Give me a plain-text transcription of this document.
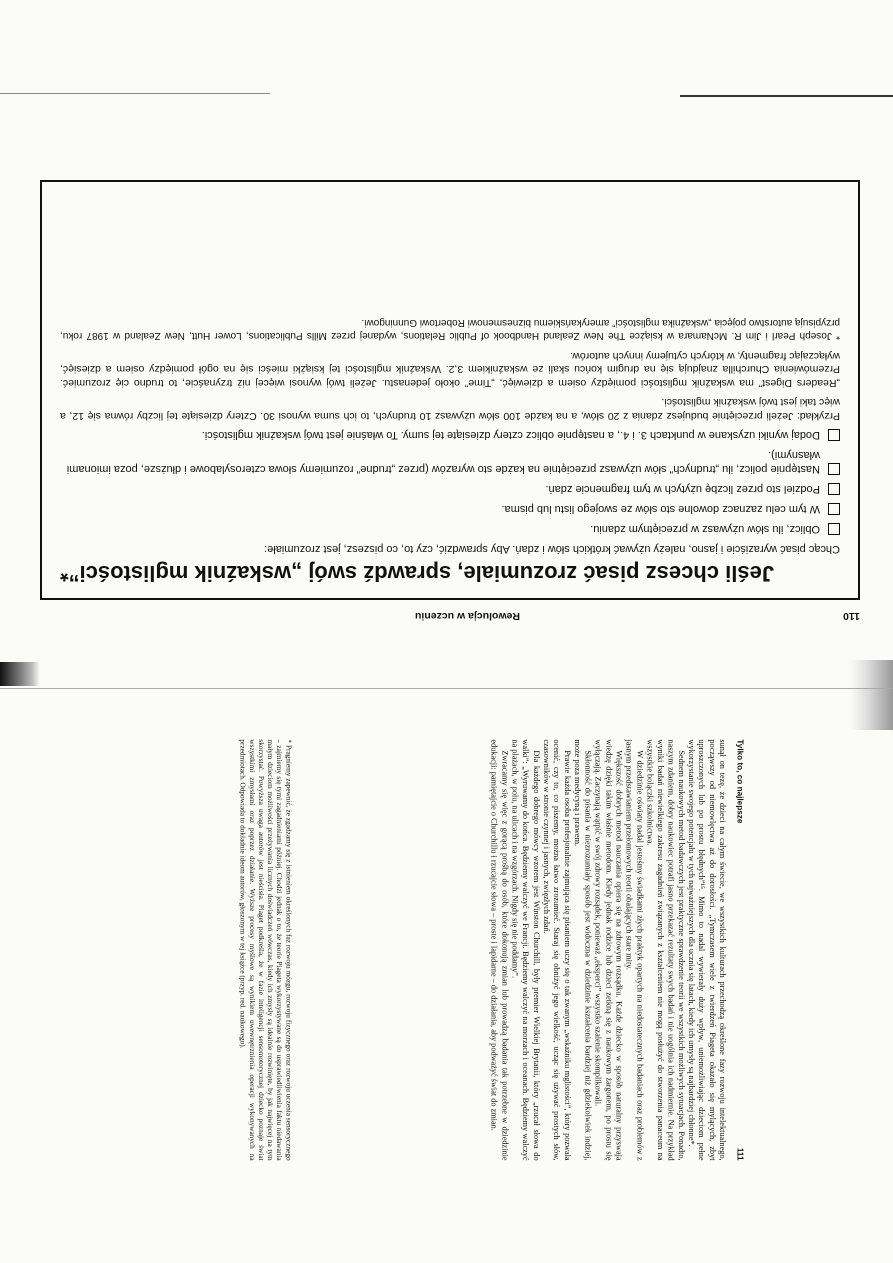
110
Rewolucja w uczeniu
Jeśli chcesz pisać zrozumiale, sprawdź swój „wskaźnik mglistości”*

Chcąc pisać wyraziście i jasno, należy używać krótkich słów i zdań. Aby sprawdzić, czy to, co piszesz, jest zrozumiałe:

Oblicz, ilu słów używasz w przeciętnym zdaniu.
W tym celu zaznacz dowolne sto słów ze swojego listu lub pisma.
Podziel sto przez liczbę użytych w tym fragmencie zdań.
Następnie policz, ilu „trudnych” słów używasz przeciętnie na każde sto wyrazów (przez „trudne” rozumiemy słowa czterosylabowe i dłuższe, poza imionami własnymi).
Dodaj wyniki uzyskane w punktach 3. i 4., a następnie oblicz cztery dziesiąte tej sumy. To właśnie jest twój wskaźnik mglistości.

Przykład: Jeżeli przeciętnie budujesz zdania z 20 słów, a na każde 100 słów używasz 10 trudnych, to ich suma wynosi 30. Cztery dziesiąte tej liczby równa się 12, a więc taki jest twój wskaźnik mglistości.

„Readers Digest” ma wskaźnik mglistości pomiędzy osiem a dziewięć, „Time” około jedenastu. Jeżeli twój wynosi więcej niż trzynaście, to trudno cię zrozumieć. Przemówienia Churchilla znajdują się na drugim końcu skali ze wskaźnikiem 3,2. Wskaźnik mglistości tej książki mieści się na ogół pomiędzy osiem a dziesięć, wyłączając fragmenty, w których cytujemy innych autorów.

* Joseph Pearl i Jim R. McNamara w książce The New Zealand Handbook of Public Relations, wydanej przez Mills Publications, Lower Hutt, New Zealand w 1987 roku, przypisują autorstwo pojęcia „wskaźnika mglistości” amerykańskiemu biznesmenowi Robertowi Gunningowi.

Tylko to, co najlepsze
111

sunął on tezę, że dzieci na całym świecie, we wszystkich kulturach przechodzą określone fazy rozwoju intelektualnego, począwszy od niemowlęctwa aż do dorosłości. „Tymczasem wiele z twierdzeń Piageta okazało się mylących, zbyt uproszczonych lub po prostu błędnych”¹⁵. Mimo to nadal wywierały duży wpływ, uniemożliwiając dzieciom pełne wykorzystanie swojego potencjału w tych najważniejszych dla ucznia się latach, kiedy ich umysły są najbardziej chłonne*.

Sednem naukowych metod badawczych jest praktyczne sprawdzenie teorii we wszystkich możliwych sytuacjach. Ponadto, naszym zdaniem, dobry naukowiec potrafi jasno przekazać rezultaty swych badań i nie uogólnia ich nadmiernie. Na przykład wyniki badań niewielkiego zakresu zagadnień związanych z kształceniem nie mogą posłużyć do stworzenia panaceum na wszystkie bolączki szkolnictwa.

W dziedzinie oświaty nadal jesteśmy świadkami złych praktyk opartych na niedostatecznych badaniach oraz problemów z jasnym przedstawianiem przełomowych teorii obalających stare mity.

Większość dobrych metod nauczania opiera się na zdrowym rozsądku. Każde dziecko w sposób naturalny przyswaja wiedzę dzięki takim właśnie metodom. Kiedy jednak rodzice lub dzieci zetkną się z naukowym żargonem, po prostu się wyłączają. Zaczynają wątpić w swój zdrowy rozsądek, ponieważ „eksperci” wszystko szalenie skomplikowali.

Skłonność do pisania w niezrozumiały sposób jest widoczna w dziedzinie kształcenia bardziej niż gdziekolwiek indziej, może poza medycyną i prawem.

Prawie każda osoba profesjonalnie zajmująca się pisaniem uczy się o tak zwanym „wskaźniku mglistości”, który pozwala ocenić, czy to, co piszemy, można łatwo zrozumieć. Staraj się obniżyć jego wielkość, ucząc się używać prostych słów, czasowników w stronie czynnej i jasnych, zwięzłych zdań.

Dla każdego dobrego mówcy wzorem jest Winston Churchill, były premier Wielkiej Brytanii, który „rzucał słowa do walki”: „Wyruwamy do końca. Będziemy walczyć we Francji. Będziemy walczyć na morzach i oceanach. Będziemy walczyć na plażach, w polu, na ulicach i na wzgórzach. Nigdy się nie poddamy”.

Zwracamy się więc z gorącą prośbą do osób, które dokonują zmian lub prowadzą badania tak potrzebne w dziedzinie edukacji: pamiętajcie o Churchillu i rzucajcie słowa – proste i lapidarne – do działania, aby podważyć świat do zmian.

* Pragniemy zapewnić, że zgadzamy się z istnieniem określonych faz rozwoju mózgu, rozwoju fizycznego oraz rozwoju uczenia sensorycznego – zajmiemy się tymi zagadnieniami później. Chodzi jednak o to, że teorie Piageta wykorzystywane są do usprawiedliwienia faktu niedawania małym dzieciom możliwości przeżywania licznych doświadczeń wówczas, kiedy ich zmysły są idealnie rozwinięte, by jak najwięcej na tym skorzystać. Powyższa uwaga autorów jest nieścisła. Piaget podkreśla, że w fazie inteligencji sensomotorycznej dziecko poznaje świat wszystkimi zmysłami oraz poprzez działanie. Wyższe procesy myślowe są wynikiem uwewnętrznienia operacji wykonywanych na przedmiotach. Odpowiada to dokładnie ideom autorów, głoszonym w tej książce (przyp. red. naukowego).
